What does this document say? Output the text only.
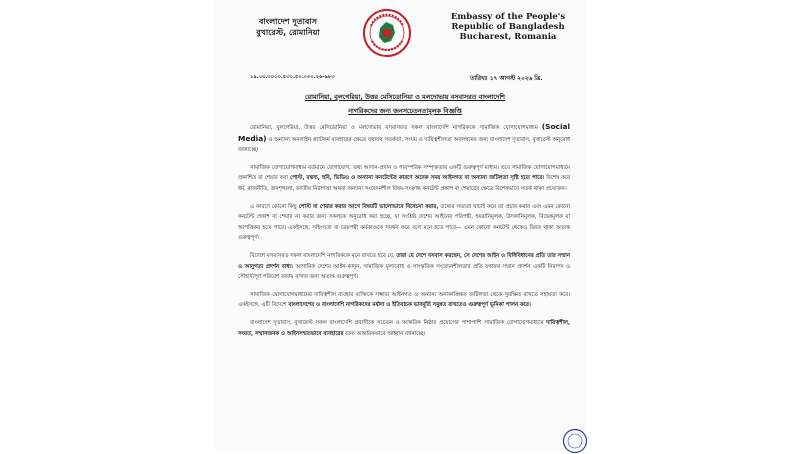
বাংলাদেশ দূতাবাস
বুখারেস্ট, রোমানিয়া
Embassy of the People's
Republic of Bangladesh
Bucharest, Romania
১৯.০৩.৩০০৩.৫৩০.৫০.০৩০.২৬-৯৮৩	তারিখঃ ১৭ আগস্ট ২০২৬ খ্রি.
রোমানিয়া, বুলগেরিয়া, উত্তর মেসিডোনিয়া ও মলদোভায় বসবাসরত বাংলাদেশি
নাগরিকদের জন্য জনসচেতনতামূলক বিজ্ঞপ্তি

রোমানিয়া, বুলগেরিয়া, উত্তর মেসিডোনিয়া ও মলদোভায় বসবাসরত সকল বাংলাদেশি নাগরিককে সামাজিক যোগাযোগমাধ্যম (Social Media) ও অন্যান্য অনলাইন প্ল্যাটফর্ম ব্যবহারের ক্ষেত্রে যথাযথ সতর্কতা, সংযম ও দায়িত্বশীলতা অবলম্বনের জন্য বাংলাদেশ দূতাবাস, বুখারেস্ট অনুরোধ জানাচ্ছে।

সামাজিক যোগাযোগমাধ্যম বর্তমানে যোগাযোগ, তথ্য আদান-প্রদান ও পারস্পরিক সম্পৃক্ততার একটি গুরুত্বপূর্ণ মাধ্যম। তবে সামাজিক যোগাযোগমাধ্যমে প্রকাশিত বা শেয়ার করা পোস্ট, মন্তব্য, ছবি, ভিডিও ও অন্যান্য কনটেন্টের কারণে অনেক সময় আইনগত বা অন্যান্য জটিলতা সৃষ্টি হতে পারে। বিশেষ করে ধর্ম, রাজনীতি, জনশৃঙ্খলা, জাতীয় নিরাপত্তা অথবা অন্যান্য সংবেদনশীল বিষয়-সংক্রান্ত কনটেন্ট প্রকাশ বা শেয়ারের ক্ষেত্রে বিশেষভাবে সতর্ক থাকা প্রয়োজন।

এ কারণে কোনো কিছু পোস্ট বা শেয়ার করার আগে বিষয়টি ভালোভাবে বিবেচনা করার, তথ্যের সত্যতা যাচাই করে তা প্রচার করার এবং এমন কোনো কনটেন্ট প্রকাশ বা শেয়ার না করার জন্য সকলকে অনুরোধ করা হচ্ছে, যা সংশ্লিষ্ট দেশের আইনের পরিপন্থী, হয়রানিমূলক, উসকানিমূলক, বিদ্বেষমূলক বা আপত্তিকর হতে পারে। একইসঙ্গে, সহিংসতা বা চরমপন্থী কর্মকাণ্ডকে সমর্থন করে বলে মনে হতে পারে— এমন কোনো কনটেন্ট থেকেও বিরত থাকা অত্যন্ত গুরুত্বপূর্ণ।

বিদেশে বসবাসরত সকল বাংলাদেশি নাগরিককে মনে রাখতে হবে যে, তারা যে দেশে বসবাস করছেন, সে দেশের আইন ও বিধিবিধানের প্রতি তার সম্মান ও আনুগত্য প্রদর্শন বাধ্য। আগামিক দেশের আইন-কানুন, সামাজিক মূল্যবোধ ও সাংস্কৃতিক সংবেদনশীলতার প্রতি যথাযথ সম্মান প্রদর্শন একটি নিরাপদ ও সৌহার্দ্যপূর্ণ পরিবেশ বজায় রাখার জন্য অত্যন্ত গুরুত্বপূর্ণ।

সামাজিক যোগাযোগমাধ্যমের দায়িত্বশীল ব্যবহার ব্যক্তিকে সম্ভাব্য আইনগত ও অন্যান্য অনাকাঙ্ক্ষিত জটিলতা থেকে সুরক্ষিত রাখতে সহায়তা করে। একইসঙ্গে, এটি বিদেশে বাংলাদেশের ও বাংলাদেশি নাগরিকদের মর্যাদা ও ইতিবাচক ভাবমূর্তি সমুন্নত রাখতেও গুরুত্বপূর্ণ ভূমিকা পালন করে।

বাংলাদেশ দূতাবাস, বুখারেস্ট সকল বাংলাদেশি প্রবাসীকে সচেতন ও আন্তরিক নিষ্ঠার প্রয়োগের পাশাপাশি সামাজিক যোগাযোগমাধ্যমে দায়িত্বশীল, সংযত, সম্মানজনক ও আইনসম্মতভাবে ব্যবহারের জন্য আন্তরিকভাবে আহ্বান জানাচ্ছে।
